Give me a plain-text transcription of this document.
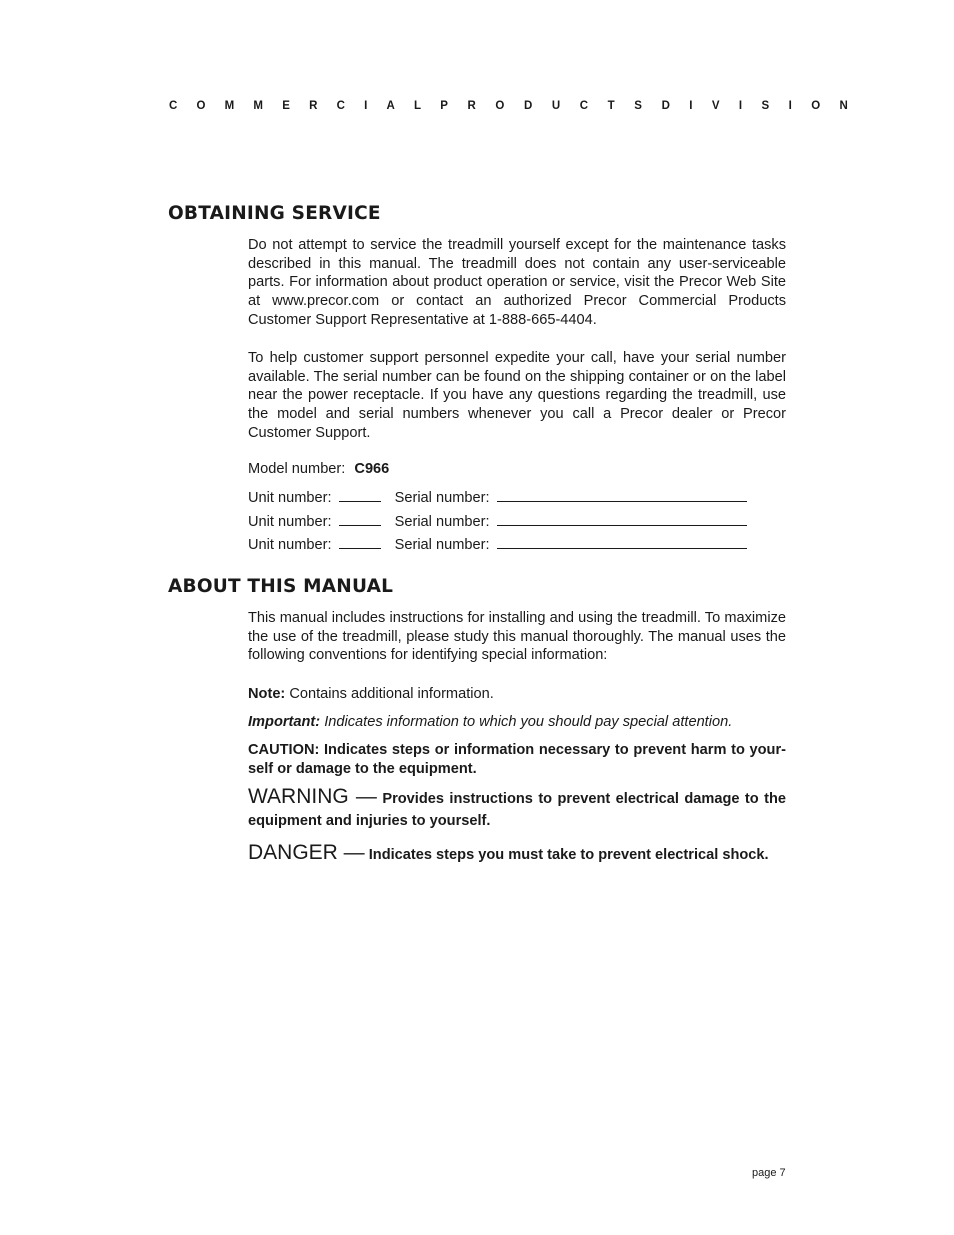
COMMERCIAL PRODUCTS DIVISION
OBTAINING SERVICE
Do not attempt to service the treadmill yourself except for the maintenance tasks described in this manual. The treadmill does not contain any user-serviceable parts. For information about product operation or service, visit the Precor Web Site at www.precor.com or contact an authorized Precor Commercial Products Customer Support Representative at 1-888-665-4404.
To help customer support personnel expedite your call, have your serial number available. The serial number can be found on the shipping container or on the label near the power receptacle. If you have any questions regarding the treadmill, use the model and serial numbers whenever you call a Precor dealer or Precor Customer Support.
Model number: C966
Unit number:	Serial number:
Unit number:	Serial number:
Unit number:	Serial number:
ABOUT THIS MANUAL
This manual includes instructions for installing and using the treadmill. To maximize the use of the treadmill, please study this manual thoroughly. The manual uses the following conventions for identifying special information:
Note: Contains additional information.
Important: Indicates information to which you should pay special attention.
CAUTION: Indicates steps or information necessary to prevent harm to your-self or damage to the equipment.
WARNING — Provides instructions to prevent electrical damage to the equipment and injuries to yourself.
DANGER — Indicates steps you must take to prevent electrical shock.
page 7
